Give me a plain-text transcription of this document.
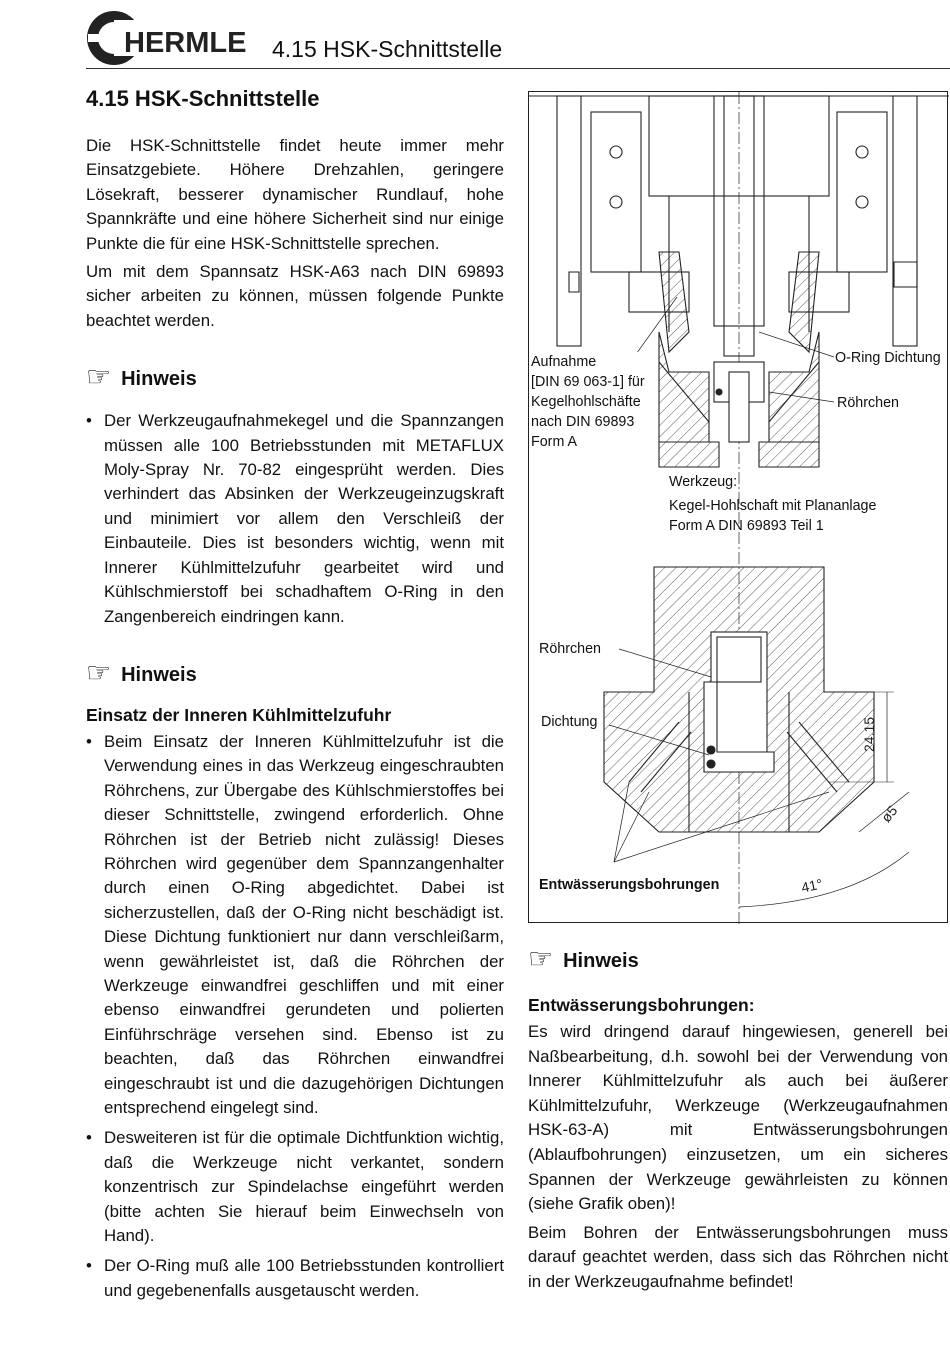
HERMLE 4.15 HSK-Schnittstelle
4.15 HSK-Schnittstelle

Die HSK-Schnittstelle findet heute immer mehr Einsatzgebiete. Höhere Drehzahlen, geringere Lösekraft, besserer dynamischer Rundlauf, hohe Spannkräfte und eine höhere Sicherheit sind nur einige Punkte die für eine HSK-Schnittstelle sprechen.

Um mit dem Spannsatz HSK-A63 nach DIN 69893 sicher arbeiten zu können, müssen folgende Punkte beachtet werden.

☞ Hinweis

• Der Werkzeugaufnahmekegel und die Spannzangen müssen alle 100 Betriebsstunden mit METAFLUX Moly-Spray Nr. 70-82 eingesprüht werden. Dies verhindert das Absinken der Werkzeugeinzugskraft und minimiert vor allem den Verschleiß der Einbauteile. Dies ist besonders wichtig, wenn mit Innerer Kühlmittelzufuhr gearbeitet wird und Kühlschmierstoff bei schadhaftem O-Ring in den Zangenbereich eindringen kann.

☞ Hinweis
Einsatz der Inneren Kühlmittelzufuhr

• Beim Einsatz der Inneren Kühlmittelzufuhr ist die Verwendung eines in das Werkzeug eingeschraubten Röhrchens, zur Übergabe des Kühlschmierstoffes bei dieser Schnittstelle, zwingend erforderlich. Ohne Röhrchen ist der Betrieb nicht zulässig! Dieses Röhrchen wird gegenüber dem Spannzangenhalter durch einen O-Ring abgedichtet. Dabei ist sicherzustellen, daß der O-Ring nicht beschädigt ist. Diese Dichtung funktioniert nur dann verschleißarm, wenn gewährleistet ist, daß die Röhrchen der Werkzeuge einwandfrei geschliffen und mit einer ebenso einwandfrei gerundeten und polierten Einführschräge versehen sind. Ebenso ist zu beachten, daß das Röhrchen einwandfrei eingeschraubt ist und die dazugehörigen Dichtungen entsprechend eingelegt sind.

• Desweiteren ist für die optimale Dichtfunktion wichtig, daß die Werkzeuge nicht verkantet, sondern konzentrisch zur Spindelachse eingeführt werden (bitte achten Sie hierauf beim Einwechseln von Hand).

• Der O-Ring muß alle 100 Betriebsstunden kontrolliert und gegebenenfalls ausgetauscht werden.

24.15
ø5
41°
Aufnahme
[DIN 69 063-1] für
Kegelhohlschäfte
nach DIN 69893
Form A
O-Ring Dichtung
Röhrchen
Werkzeug:
Kegel-Hohlschaft mit Plananlage
Form A DIN 69893 Teil 1
Röhrchen
Dichtung
Entwässerungsbohrungen
☞ Hinweis
Entwässerungsbohrungen:

Es wird dringend darauf hingewiesen, generell bei Naßbearbeitung, d.h. sowohl bei der Verwendung von Innerer Kühlmittelzufuhr als auch bei äußerer Kühlmittelzufuhr, Werkzeuge (Werkzeugaufnahmen HSK-63-A) mit Entwässerungsbohrungen (Ablaufbohrungen) einzusetzen, um ein sicheres Spannen der Werkzeuge gewährleisten zu können (siehe Grafik oben)!

Beim Bohren der Entwässerungsbohrungen muss darauf geachtet werden, dass sich das Röhrchen nicht in der Werkzeugaufnahme befindet!
